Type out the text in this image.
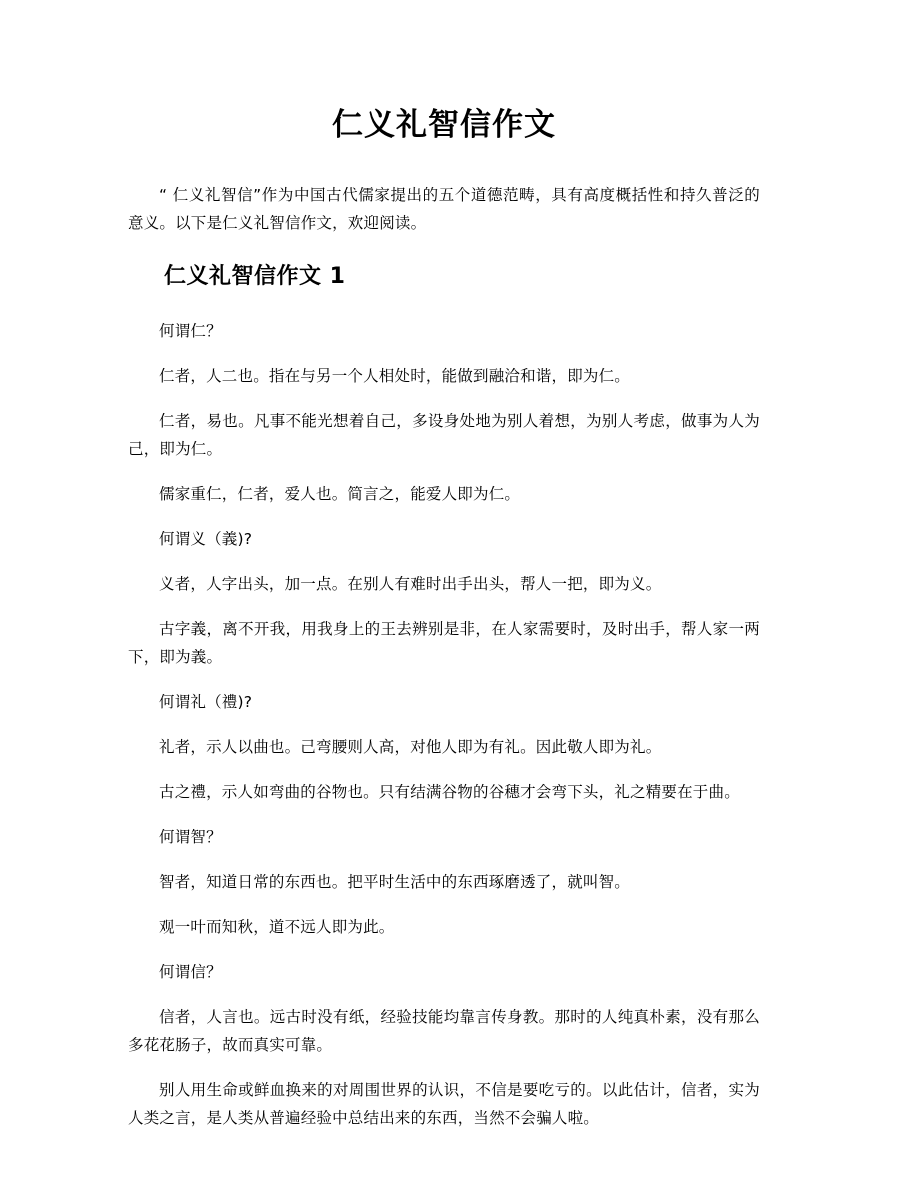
仁义礼智信作文

“ 仁义礼智信”作为中国古代儒家提出的五个道德范畴，具有高度概括性和持久普泛的意义。以下是仁义礼智信作文，欢迎阅读。

仁义礼智信作文 1

何谓仁？

仁者，人二也。指在与另一个人相处时，能做到融洽和谐，即为仁。

仁者，易也。凡事不能光想着自己，多设身处地为别人着想，为别人考虑，做事为人为己，即为仁。

儒家重仁，仁者，爱人也。简言之，能爱人即为仁。

何谓义（義)?

义者，人字出头，加一点。在别人有难时出手出头，帮人一把，即为义。

古字義，离不开我，用我身上的王去辨别是非，在人家需要时，及时出手，帮人家一两下，即为義。

何谓礼（禮)?

礼者，示人以曲也。己弯腰则人高，对他人即为有礼。因此敬人即为礼。

古之禮，示人如弯曲的谷物也。只有结满谷物的谷穗才会弯下头，礼之精要在于曲。

何谓智？

智者，知道日常的东西也。把平时生活中的东西琢磨透了，就叫智。

观一叶而知秋，道不远人即为此。

何谓信？

信者，人言也。远古时没有纸，经验技能均靠言传身教。那时的人纯真朴素，没有那么多花花肠子，故而真实可靠。

别人用生命或鲜血换来的对周围世界的认识，不信是要吃亏的。以此估计，信者，实为人类之言，是人类从普遍经验中总结出来的东西，当然不会骗人啦。
